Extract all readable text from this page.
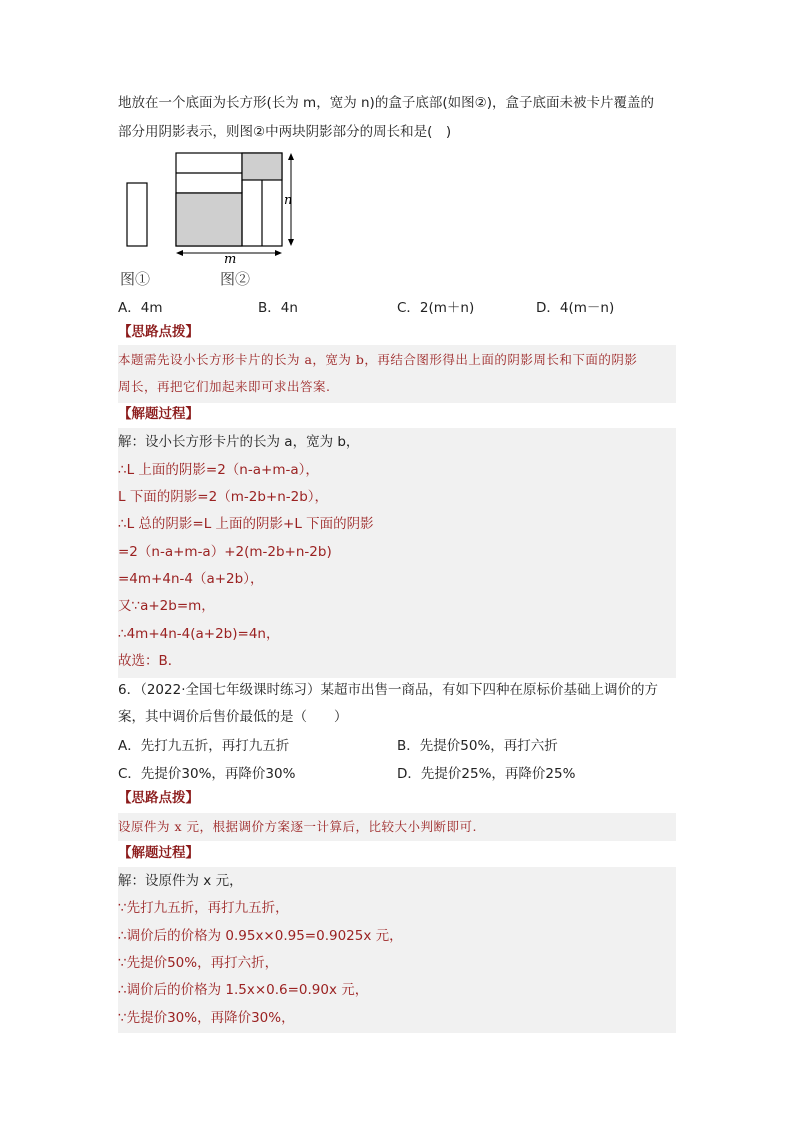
地放在一个底面为长方形(长为 m，宽为 n)的盒子底部(如图②)，盒子底面未被卡片覆盖的
部分用阴影表示，则图②中两块阴影部分的周长和是(　)
n
m
图①	图②
A．4m	B．4n	C．2(m＋n)	D．4(m－n)
【思路点拨】
本题需先设小长方形卡片的长为 a，宽为 b，再结合图形得出上面的阴影周长和下面的阴影
周长，再把它们加起来即可求出答案.
【解题过程】
解：设小长方形卡片的长为 a，宽为 b，
∴L 上面的阴影=2（n-a+m-a），
L 下面的阴影=2（m-2b+n-2b），
∴L 总的阴影=L 上面的阴影+L 下面的阴影
=2（n-a+m-a）+2(m-2b+n-2b)
=4m+4n-4（a+2b），
又∵a+2b=m，
∴4m+4n-4(a+2b)=4n，
故选：B．
6．（2022·全国七年级课时练习）某超市出售一商品，有如下四种在原标价基础上调价的方
案，其中调价后售价最低的是（　　）
A．先打九五折，再打九五折	B．先提价50%，再打六折
C．先提价30%，再降价30%	D．先提价25%，再降价25%
【思路点拨】
设原件为 x 元，根据调价方案逐一计算后，比较大小判断即可.
【解题过程】
解：设原件为 x 元，
∵先打九五折，再打九五折，
∴调价后的价格为 0.95x×0.95=0.9025x 元，
∵先提价50%，再打六折，
∴调价后的价格为 1.5x×0.6=0.90x 元，
∵先提价30%，再降价30%，
